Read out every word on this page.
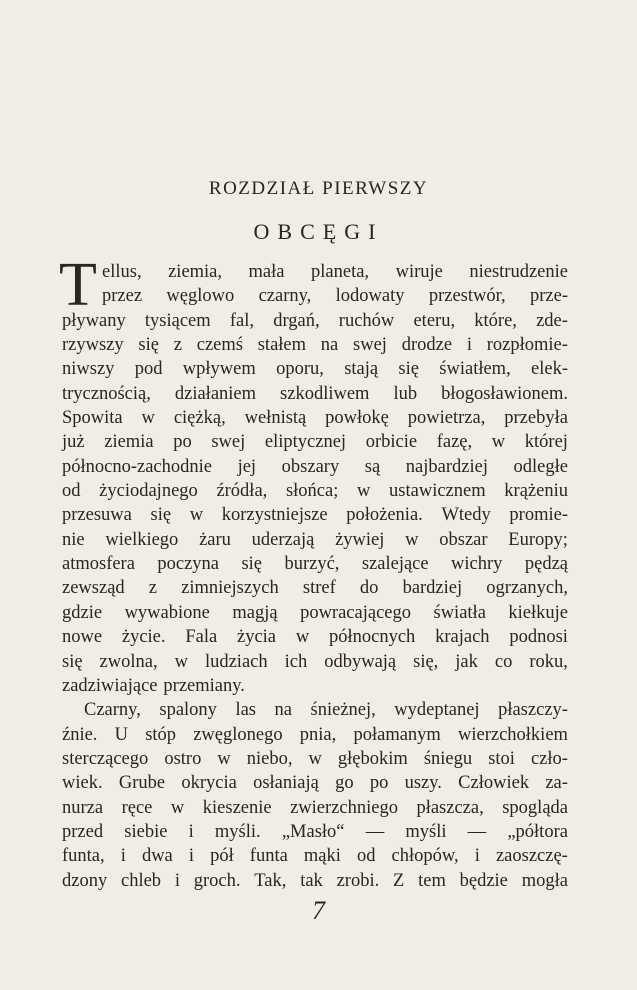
ROZDZIAŁ PIERWSZY
OBCĘGI
T ellus, ziemia, mała planeta, wiruje niestrudzenie
przez węglowo czarny, lodowaty przestwór, prze-
pływany tysiącem fal, drgań, ruchów eteru, które, zde-
rzywszy się z czemś stałem na swej drodze i rozpłomie-
niwszy pod wpływem oporu, stają się światłem, elek-
trycznością, działaniem szkodliwem lub błogosławionem.
Spowita w ciężką, wełnistą powłokę powietrza, przebyła
już ziemia po swej eliptycznej orbicie fazę, w której
północno-zachodnie jej obszary są najbardziej odległe
od życiodajnego źródła, słońca; w ustawicznem krążeniu
przesuwa się w korzystniejsze położenia. Wtedy promie-
nie wielkiego żaru uderzają żywiej w obszar Europy;
atmosfera poczyna się burzyć, szalejące wichry pędzą
zewsząd z zimniejszych stref do bardziej ogrzanych,
gdzie wywabione magją powracającego światła kiełkuje
nowe życie. Fala życia w północnych krajach podnosi
się zwolna, w ludziach ich odbywają się, jak co roku,
zadziwiające przemiany.
Czarny, spalony las na śnieżnej, wydeptanej płaszczy-
źnie. U stóp zwęglonego pnia, połamanym wierzchołkiem
sterczącego ostro w niebo, w głębokim śniegu stoi czło-
wiek. Grube okrycia osłaniają go po uszy. Człowiek za-
nurza ręce w kieszenie zwierzchniego płaszcza, spogląda
przed siebie i myśli. „Masło“ — myśli — „półtora
funta, i dwa i pół funta mąki od chłopów, i zaoszczę-
dzony chleb i groch. Tak, tak zrobi. Z tem będzie mogła
7
